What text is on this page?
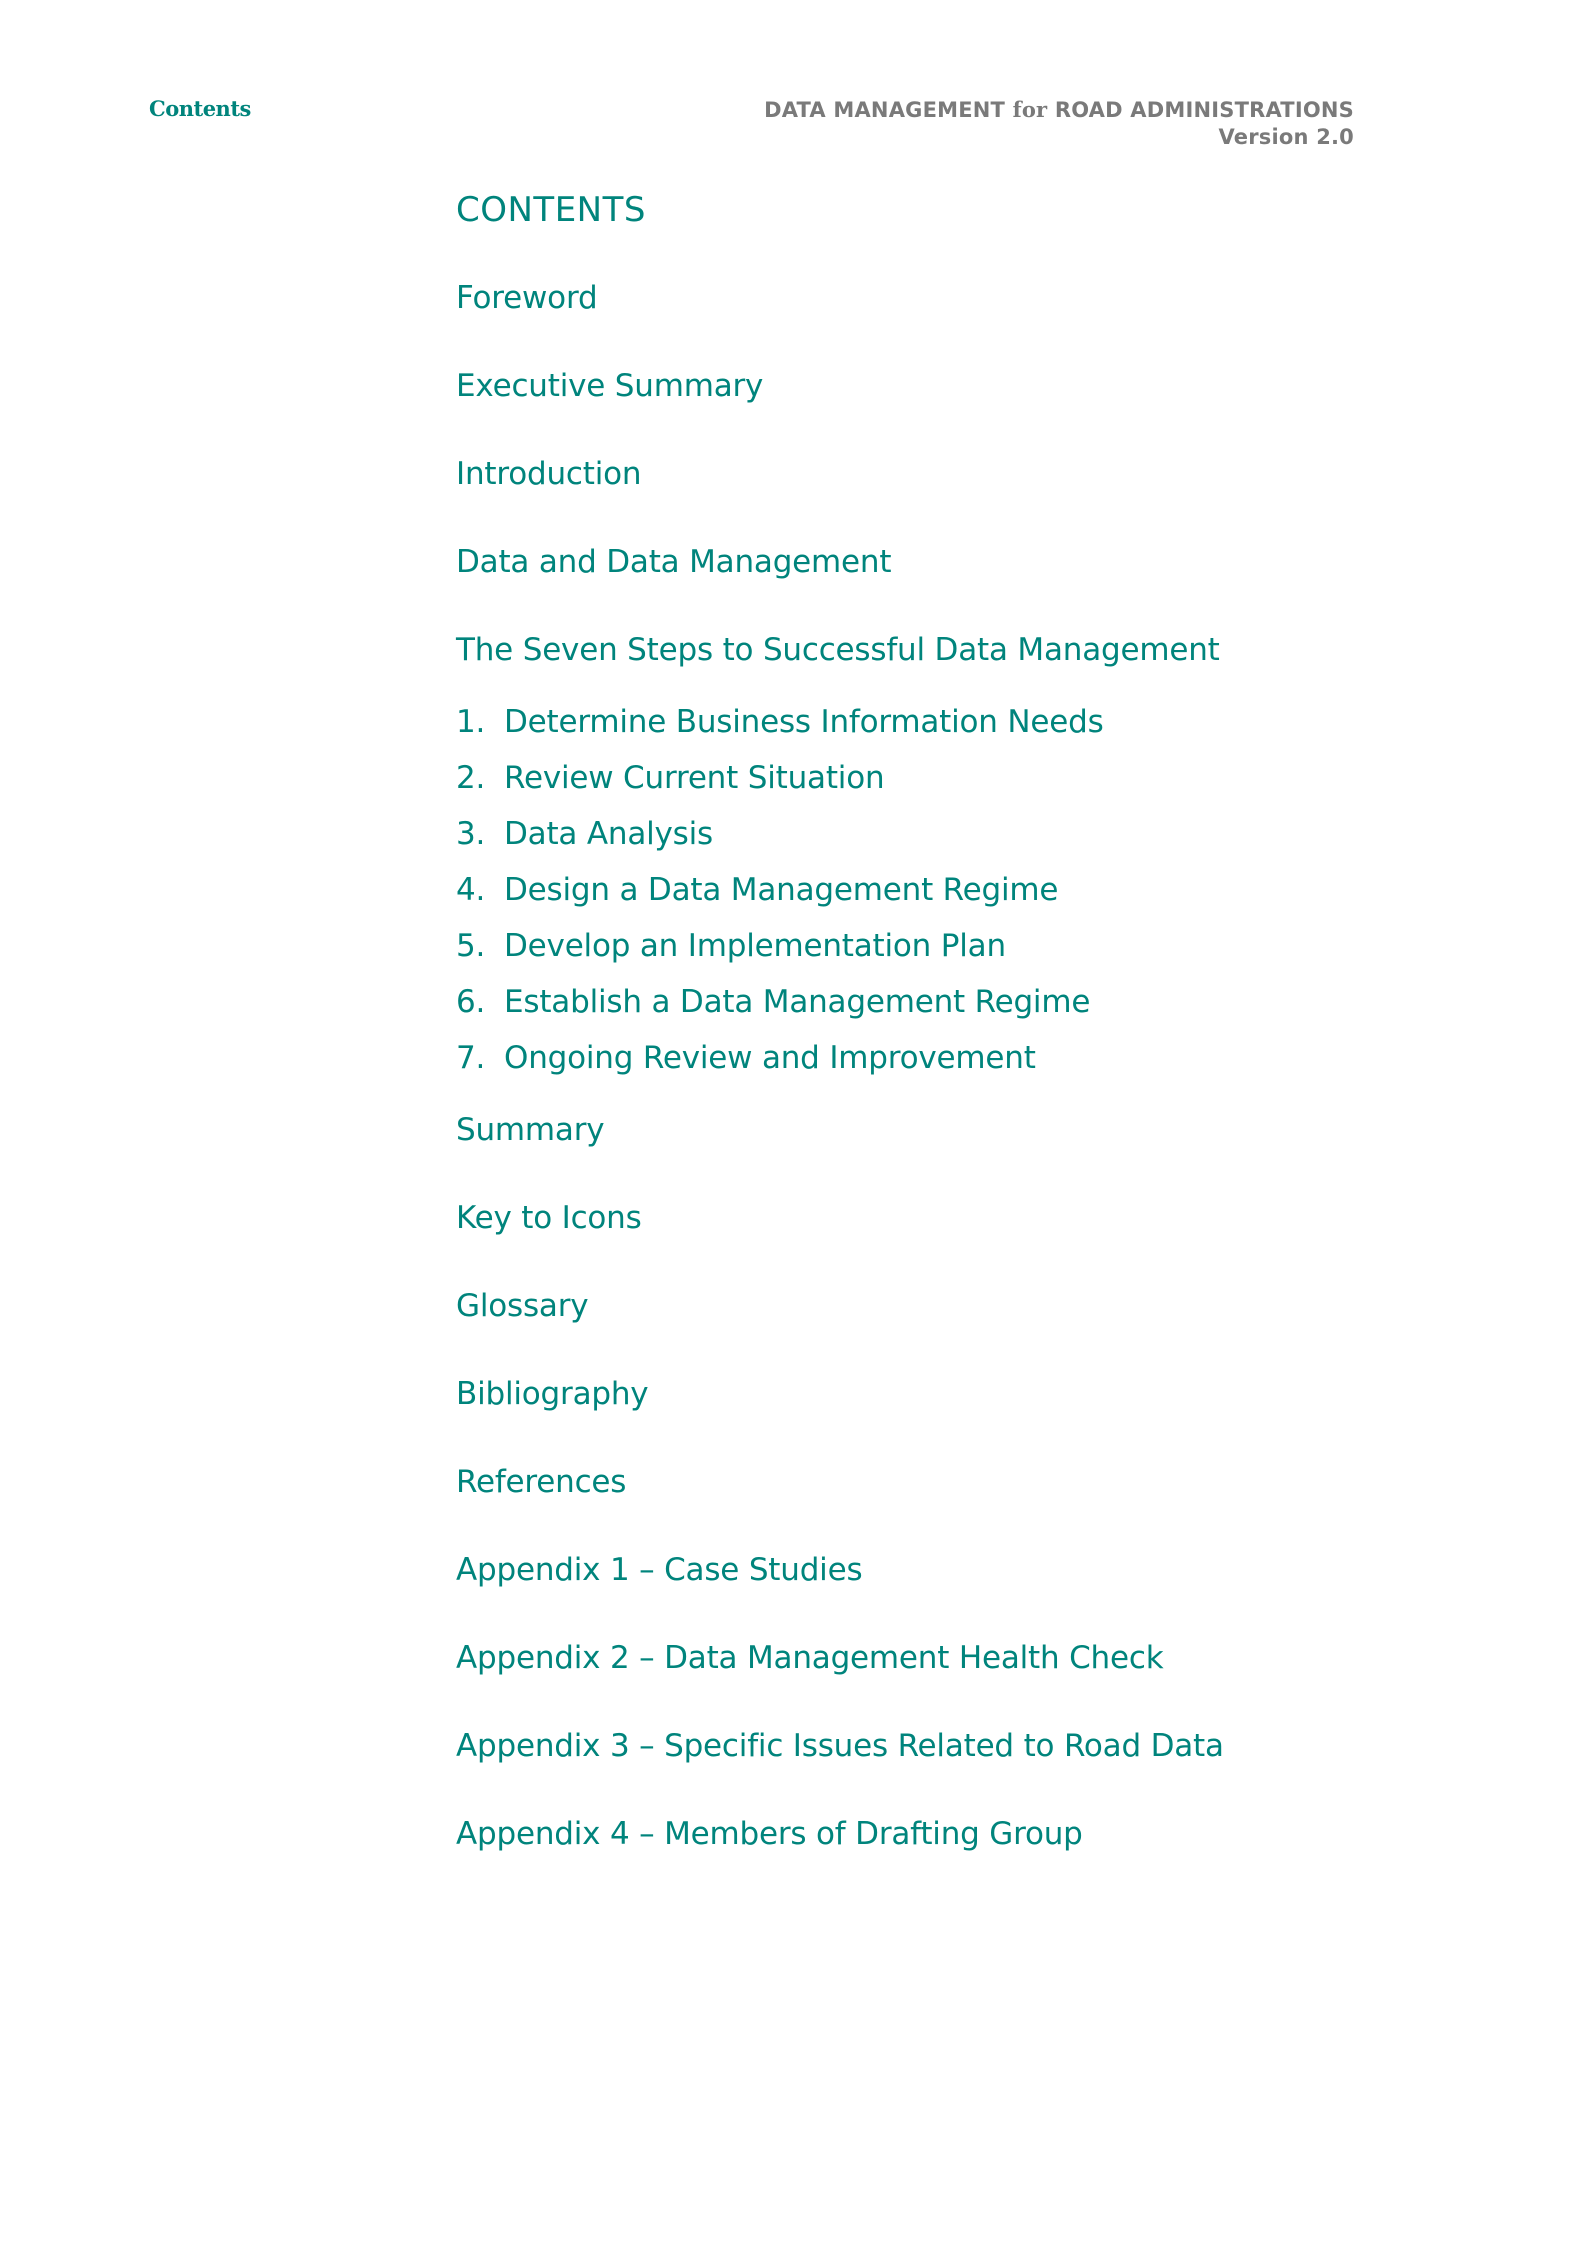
Contents	DATA MANAGEMENT for ROAD ADMINISTRATIONS
Version 2.0
CONTENTS
Foreword
Executive Summary
Introduction
Data and Data Management
The Seven Steps to Successful Data Management
1. Determine Business Information Needs
2. Review Current Situation
3. Data Analysis
4. Design a Data Management Regime
5. Develop an Implementation Plan
6. Establish a Data Management Regime
7. Ongoing Review and Improvement
Summary
Key to Icons
Glossary
Bibliography
References
Appendix 1 – Case Studies
Appendix 2 – Data Management Health Check
Appendix 3 – Specific Issues Related to Road Data
Appendix 4 – Members of Drafting Group
